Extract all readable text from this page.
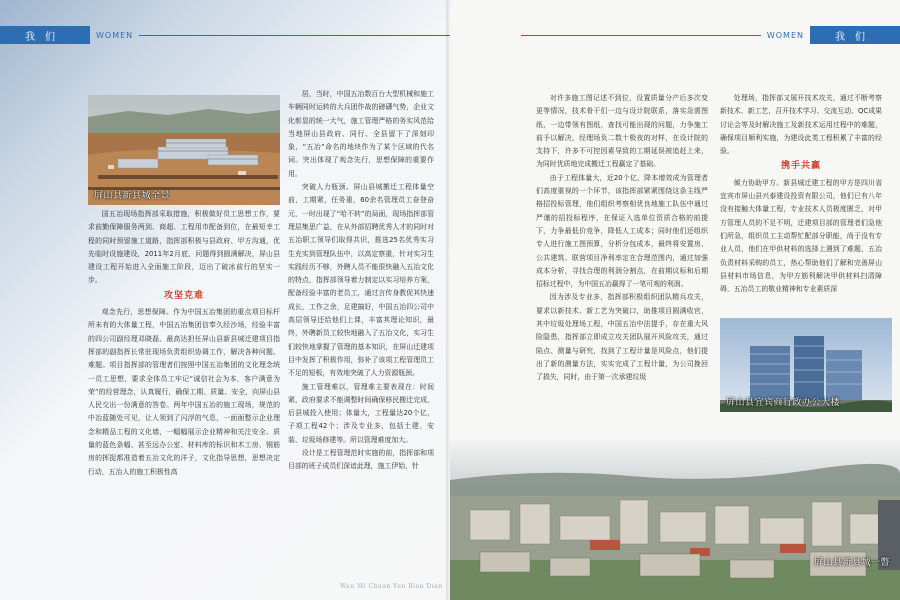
我们	WOMEN
屏山县新县城全景

居，当时，中国五冶数百台大型机械和施工车辆同时运转的大兵团作战的磅礴气势，企业文化彰显的统一大气，施工管理严格的务实风范给当地屏山县政府、同行、全县留下了深刻印象，“五冶”命名的地块作为了某个区域的代名词。突出体现了观念先行，思想保障的重要作用。

突破人力瓶颈。屏山县城搬迁工程体量空前，工期紧，任务重，60余名管理员工奋登奋元，一时出现了“哈不转”的局面，现场指挥部管理层集思广益，在从外部招聘优秀人才的同时对五冶职工领导们取得共识，推选25名优秀实习生充实到管理队伍中，以高定察重，针对实习生实践经历不够，外聘人员不能很快融入五冶文化的特点，指挥部领导着力制定以实习培养方案，配备经验丰富的老员工，通过言传身教促其快速成长，工作之余，足建搞好，中国五冶四公司中高层领导还给他们上课，丰富其理论知识，最终，外聘新员工较快地融入了五冶文化，实习生们较快地掌握了管理的基本知识，在屏山迁建项目中发挥了积极作用，弥补了该项工程管理员工不足的短板，有效地突破了人力资源瓶颈。

施工管理难以，管理难主要表现在：时间紧，政府要求不能调整时间确保移民搬迁完成，后县城投入使用；体量大，工程量达20个亿，子项工程42个；涉及专业多，包括土建、安装、垃圾场修建等。所以管理难度加大。

设计是工程管理范时实施的前，指挥部和项目部的班子成员们深谙此理，施工伊始，针

国五冶现场指挥部采取措施，积极做好员工思想工作，要求前勤保障服务两到、商超、工程用市配备到位，在最短幸工程的同时预留施工道路，指挥部积极与县政府、甲方沟通，优先临时设施建设，2011年2月底，问题得到圆满解决，屏山县建设工程开始进入全面施工阶段，迈出了破冰前行的坚实一步。

攻坚克难

观念先行，思想保障。作为中国五冶集团的重点项目标杆所未有的大体量工程，中国五冶集团信奉久经沙场，经验丰富的四公司副经理邓晓磊、最高达担任屏山县新县城迁建项目指挥部的副指挥长常驻现场负责组织协调工作，解决各种问题、难题。项目指挥部的管理者们按照中国五冶集团的文化理念统一员工思想，要求全体员工牢记“诚信社会为本，客户满意为荣”的经营理念，认真履行，确保工期、质量、安全，向屏山县人民交出一份满意的答卷。两年中国五冶的施工现场，规范的中冶蓝随处可见，让人领到了闪浮的气息，一面面整示企业理念和精品工程的文化墙，一幅幅展示企业精神和关注安全、质量的蓝色条幅、甚至远办公室、材料库的标识和木工房、钢筋房的挥捉都准造着五冶文化的洋子，文化指导思想，思想决定行动，五冶人的施工积极性高

Wan Mi Chuan Yun Bian Dian
WOMEN	我们

对许多施工图记述不到位，设置质量分产后多次变更等情况，技术骨干们一边与设计院联系，落实急需图纸，一边带领有图纸，查找可能出现的问题，力争施工前予以解决，经理场负二数十极夜的对样，在设计院的支持下，许多不可控因素导致的工期延误被追赶上来，为同时优质地完成搬迁工程赢定了基础。

由于工程体量大，近20个亿，降本增效成为管理者们高度重视的一个环节，该指挥部紧紧围绕这条主线严格招投标管理，他们组织考察相优良地施工队伍中通过严谨的招投标程序，在保证入选单位资质合格的前提下，力争最低价竞争，降低人工成本；同时他们还组织专人进行施工图预算，分析分包成本，最终将安置房、公共建筑、联营项目净利率定在合理范围内，通过加强成本分析，寻找合理的利润分割点，在前期议标和后期招标过程中，为中国五冶赢得了一笔可观的利润。

因为涉及专业多，指挥部积极组织团队精兵攻关，要求以新技术、新工艺为突破口，助推项目圆满收官，其中垃圾处理场工程，中国五冶中法提手，存在重大风险隐患，指挥部立即成立攻关团队展开风险攻关，通过陷点、测量与研究，找到了工程计量是风险点，他们提出了新的测量方法，实实完成了工程计量，为公司挽回了损失，同时，由于第一次承建垃圾

处理场，指挥部又展开技术攻关，通过不断考察新技术、新工艺，召开技术学习、交流互动、QC成果讨论会等及时解决施工及新技术运用过程中的难题，确保项目顺利实施，为建设此类工程积累了丰富的经验。

携手共赢

倾力协助甲方。新县城迁建工程的甲方是四川省宜宾市屏山县兴泰建设投资有限公司，他们已有八年没有接触大体量工程，专业技术人员极度匮乏，对甲方管理人员的不足不明，迁建项目部的管理者们急他们所急，组织员工主动帮忙配部分职能，尚于没有专业人员，他们在甲供材料的选择上遇到了难题，五冶负责材料采购的员工，热心帮助他们了解和完善屏山县材料市场信息，为甲方筋利解决甲供材料扫清障碍，五冶员工的敬业精神和专业素质深

屏山县宜宾商行政办公大楼
屏山县新县城一瞥
